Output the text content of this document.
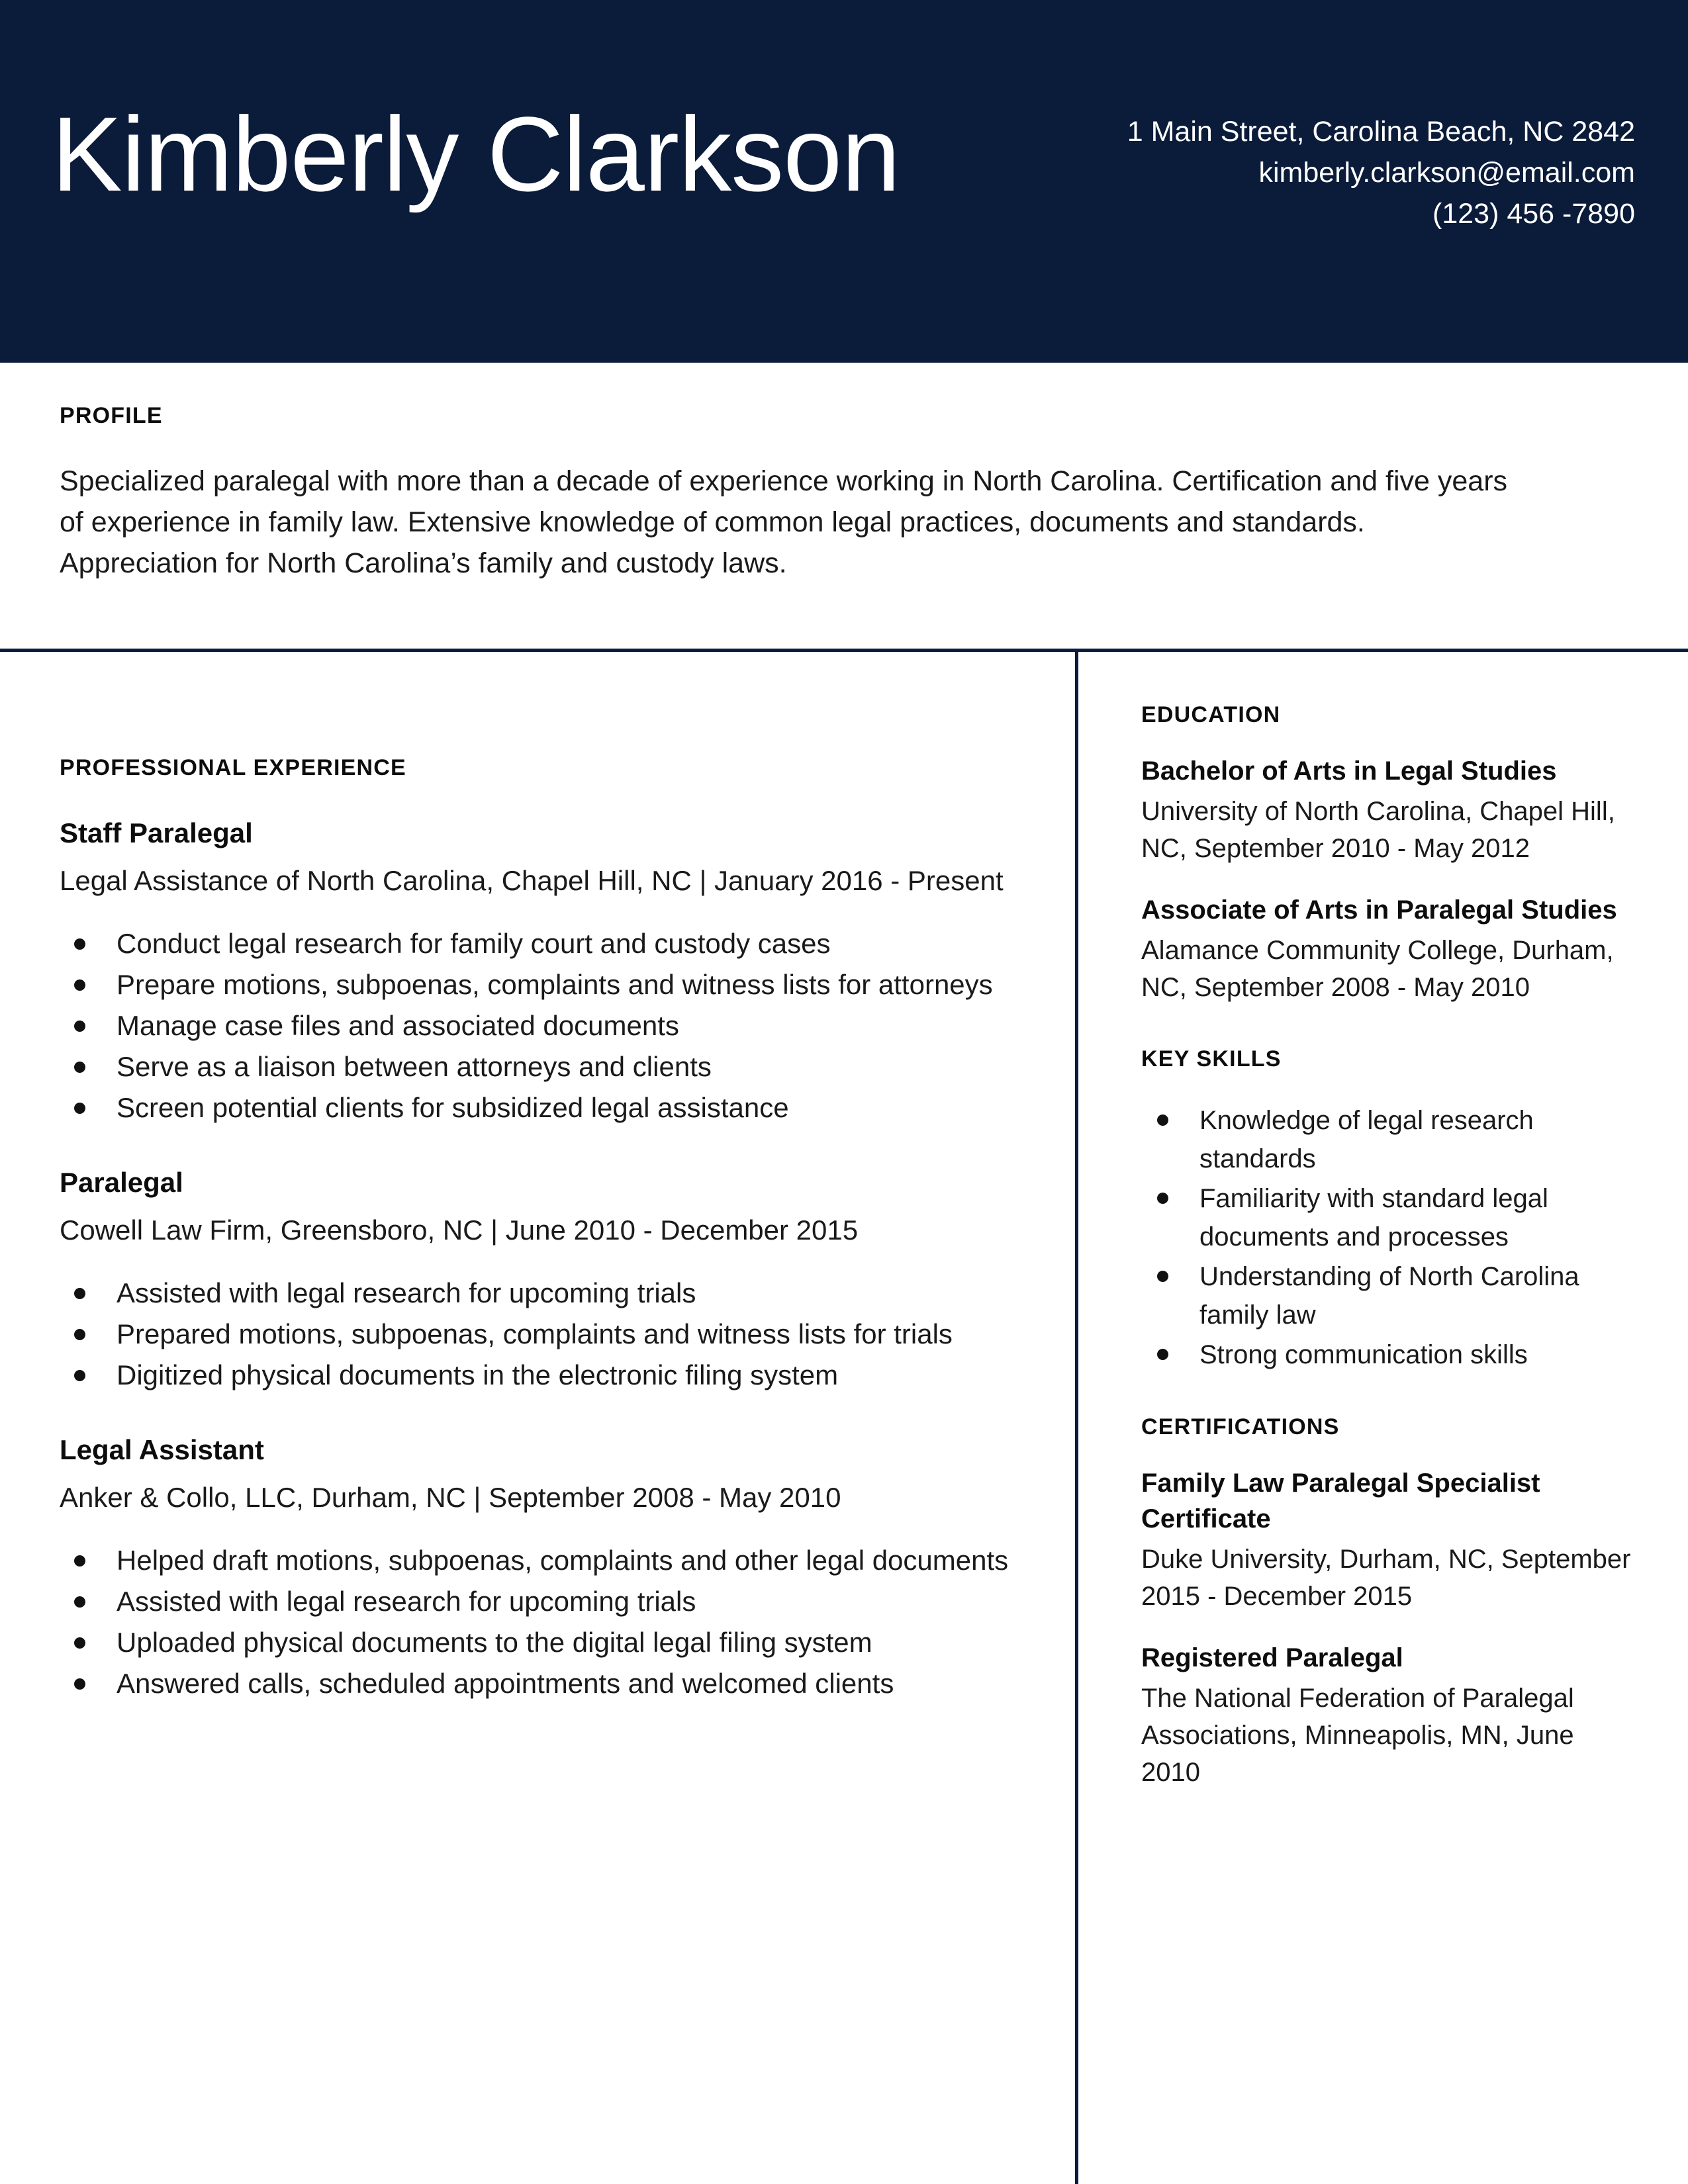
Kimberly Clarkson	1 Main Street, Carolina Beach, NC 2842
kimberly.clarkson@email.com
(123) 456 -7890
PROFILE
Specialized paralegal with more than a decade of experience working in North Carolina. Certification and five years of experience in family law. Extensive knowledge of common legal practices, documents and standards. Appreciation for North Carolina’s family and custody laws.
PROFESSIONAL EXPERIENCE
Staff Paralegal
Legal Assistance of North Carolina, Chapel Hill, NC | January 2016 - Present
Conduct legal research for family court and custody cases
Prepare motions, subpoenas, complaints and witness lists for attorneys
Manage case files and associated documents
Serve as a liaison between attorneys and clients
Screen potential clients for subsidized legal assistance
Paralegal
Cowell Law Firm, Greensboro, NC | June 2010 - December 2015
Assisted with legal research for upcoming trials
Prepared motions, subpoenas, complaints and witness lists for trials
Digitized physical documents in the electronic filing system
Legal Assistant
Anker & Collo, LLC, Durham, NC | September 2008 - May 2010
Helped draft motions, subpoenas, complaints and other legal documents
Assisted with legal research for upcoming trials
Uploaded physical documents to the digital legal filing system
Answered calls, scheduled appointments and welcomed clients
EDUCATION
Bachelor of Arts in Legal Studies
University of North Carolina, Chapel Hill, NC, September 2010 - May 2012
Associate of Arts in Paralegal Studies
Alamance Community College, Durham, NC, September 2008 - May 2010
KEY SKILLS
Knowledge of legal research standards
Familiarity with standard legal documents and processes
Understanding of North Carolina family law
Strong communication skills
CERTIFICATIONS
Family Law Paralegal Specialist Certificate
Duke University, Durham, NC, September 2015 - December 2015
Registered Paralegal
The National Federation of Paralegal Associations, Minneapolis, MN, June 2010
